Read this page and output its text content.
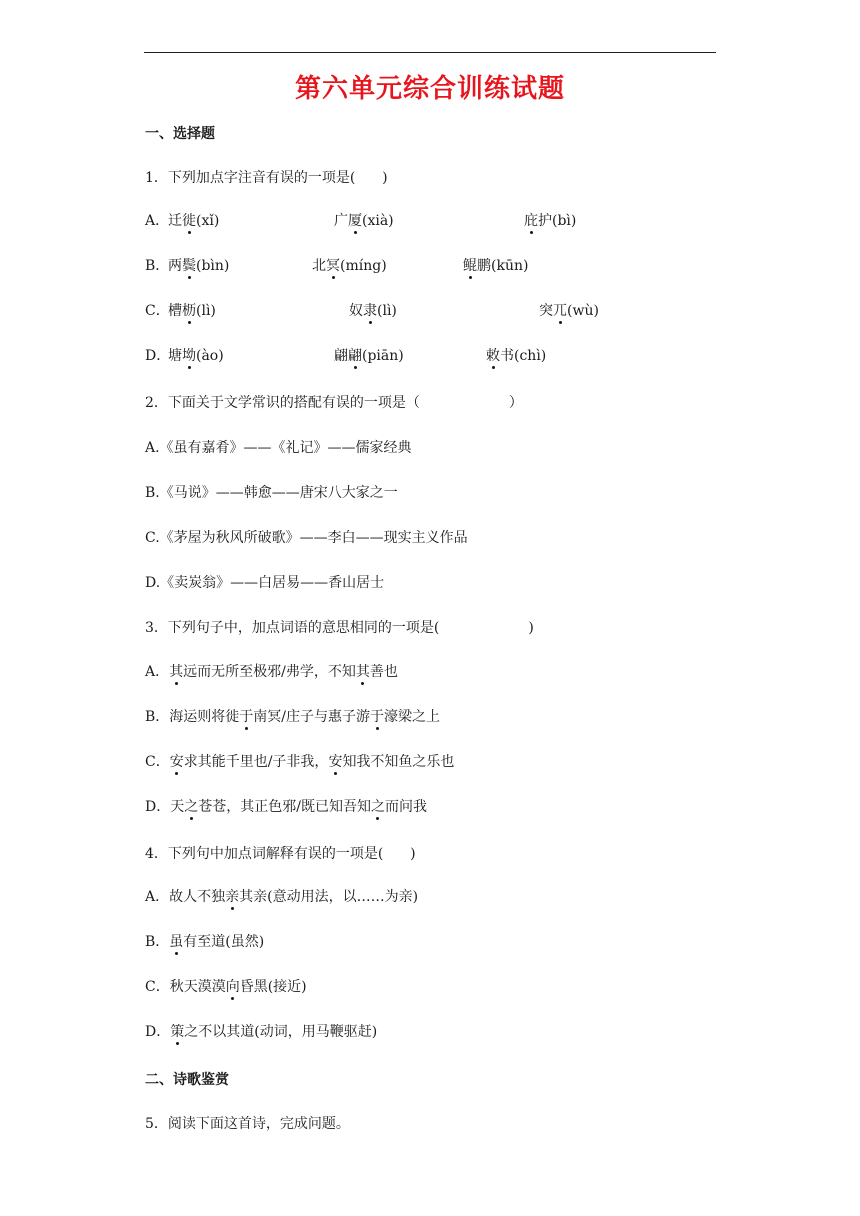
第六单元综合训练试题
一、选择题
1．下列加点字注音有误的一项是(      )
A．
迁徙(xǐ)	广厦(xià)	庇护(bì)
B．
两鬓(bìn)	北冥(míng)	鲲鹏(kūn)
C．
槽枥(lì)	奴隶(lì)	突兀(wù)
D．
塘坳(ào)	翩翩(piān)	敕书(chì)
2．下面关于文学常识的搭配有误的一项是（                    ）
A.《虽有嘉肴》——《礼记》——儒家经典
B.《马说》——韩愈——唐宋八大家之一
C.《茅屋为秋风所破歌》——李白——现实主义作品
D.《卖炭翁》——白居易——香山居士
3．下列句子中，加点词语的意思相同的一项是(                    )
A．其远而无所至极邪/弗学，不知其善也
B．海运则将徙于南冥/庄子与惠子游于濠梁之上
C．安求其能千里也/子非我，安知我不知鱼之乐也
D．天之苍苍，其正色邪/既已知吾知之而问我
4．下列句中加点词解释有误的一项是(      )
A．故人不独亲其亲(意动用法，以……为亲)
B．虽有至道(虽然)
C．秋天漠漠向昏黑(接近)
D．策之不以其道(动词，用马鞭驱赶)
二、诗歌鉴赏
5．阅读下面这首诗，完成问题。
